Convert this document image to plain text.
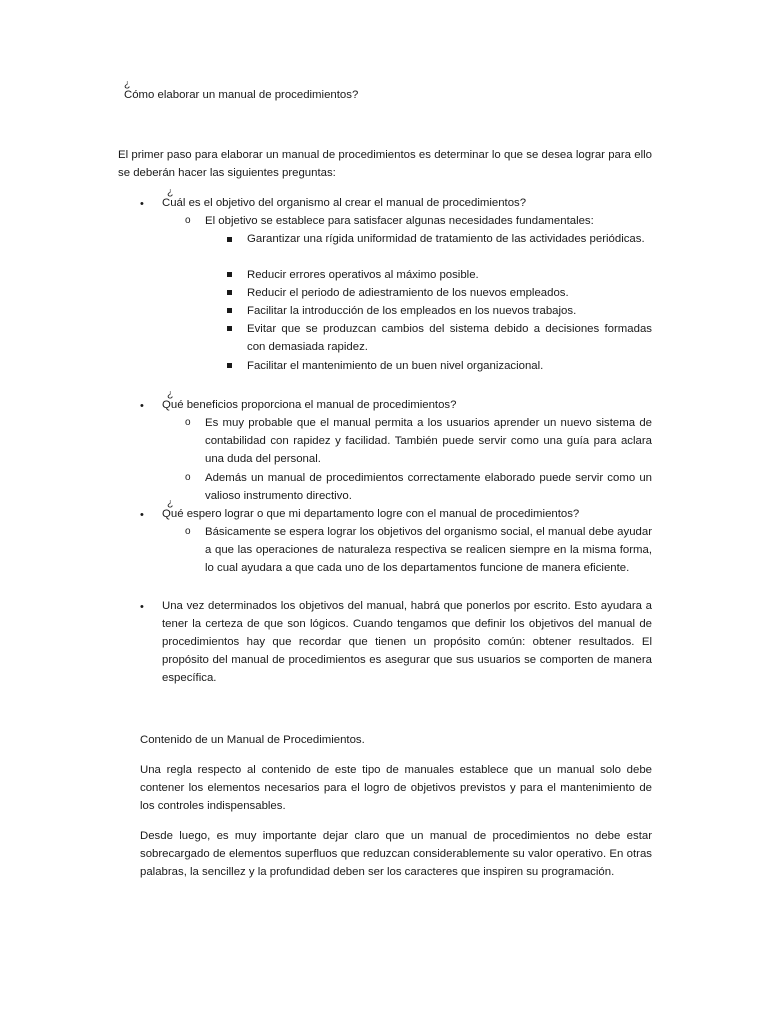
¿
Cómo elaborar un manual de procedimientos?
El primer paso para elaborar un manual de procedimientos es determinar lo que se desea lograr para ello se deberán hacer las siguientes preguntas:
•
¿
Cuál es el objetivo del organismo al crear el manual de procedimientos?
o El objetivo se establece para satisfacer algunas necesidades fundamentales:
Garantizar una rígida uniformidad de tratamiento de las actividades periódicas.
Reducir errores operativos al máximo posible.
Reducir el periodo de adiestramiento de los nuevos empleados.
Facilitar la introducción de los empleados en los nuevos trabajos.
Evitar que se produzcan cambios del sistema debido a decisiones formadas con demasiada rapidez.
Facilitar el mantenimiento de un buen nivel organizacional.
•
¿
Qué beneficios proporciona el manual de procedimientos?
o Es muy probable que el manual permita a los usuarios aprender un nuevo sistema de contabilidad con rapidez y facilidad. También puede servir como una guía para aclara una duda del personal.
o Además un manual de procedimientos correctamente elaborado puede servir como un valioso instrumento directivo.
•
¿
Qué espero lograr o que mi departamento logre con el manual de procedimientos?
o Básicamente se espera lograr los objetivos del organismo social, el manual debe ayudar a que las operaciones de naturaleza respectiva se realicen siempre en la misma forma, lo cual ayudara a que cada uno de los departamentos funcione de manera eficiente.
• Una vez determinados los objetivos del manual, habrá que ponerlos por escrito. Esto ayudara a tener la certeza de que son lógicos. Cuando tengamos que definir los objetivos del manual de procedimientos hay que recordar que tienen un propósito común: obtener resultados. El propósito del manual de procedimientos es asegurar que sus usuarios se comporten de manera específica.
Contenido de un Manual de Procedimientos.
Una regla respecto al contenido de este tipo de manuales establece que un manual solo debe contener los elementos necesarios para el logro de objetivos previstos y para el mantenimiento de los controles indispensables.
Desde luego, es muy importante dejar claro que un manual de procedimientos no debe estar sobrecargado de elementos superfluos que reduzcan considerablemente su valor operativo. En otras palabras, la sencillez y la profundidad deben ser los caracteres que inspiren su programación.
